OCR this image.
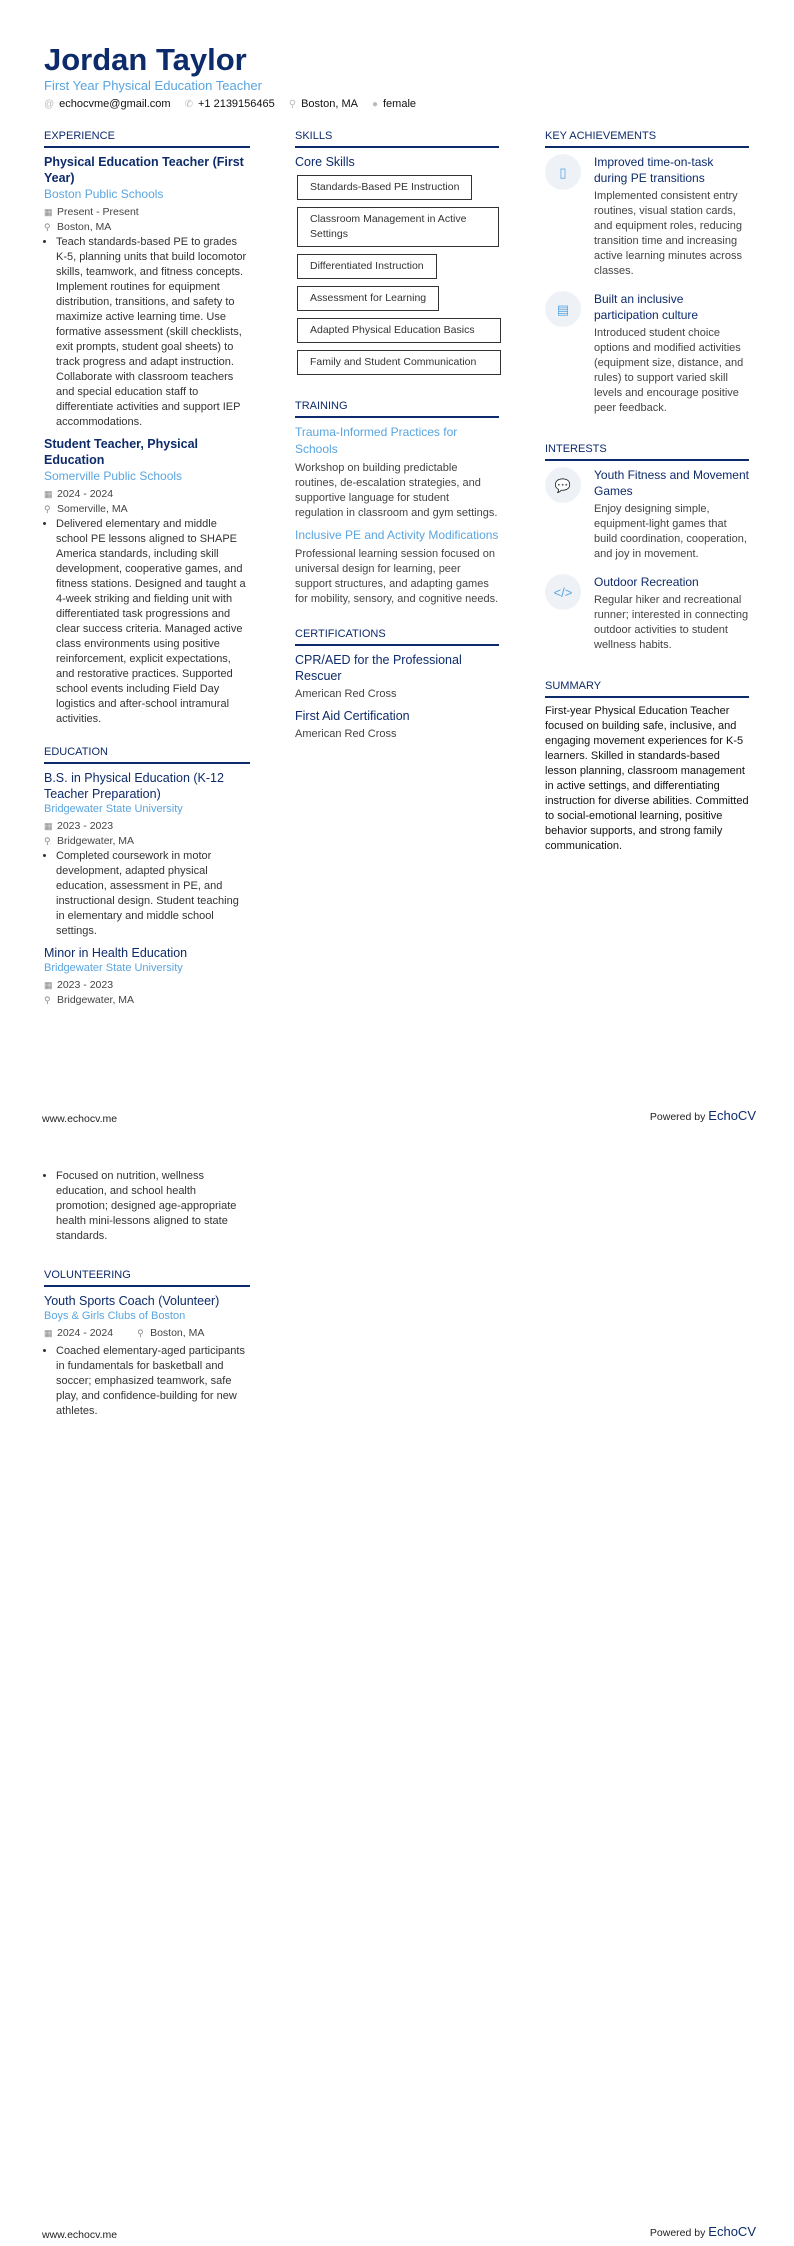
Jordan Taylor
First Year Physical Education Teacher
@ echocvme@gmail.com ✆ +1 2139156465 ⚲ Boston, MA ● female
EXPERIENCE
Physical Education Teacher (First Year)
Boston Public Schools
▦ Present - Present
⚲ Boston, MA
• Teach standards-based PE to grades K-5, planning units that build locomotor skills, teamwork, and fitness concepts. Implement routines for equipment distribution, transitions, and safety to maximize active learning time. Use formative assessment (skill checklists, exit prompts, student goal sheets) to track progress and adapt instruction. Collaborate with classroom teachers and special education staff to differentiate activities and support IEP accommodations.
Student Teacher, Physical Education
Somerville Public Schools
▦ 2024 - 2024
⚲ Somerville, MA
• Delivered elementary and middle school PE lessons aligned to SHAPE America standards, including skill development, cooperative games, and fitness stations. Designed and taught a 4-week striking and fielding unit with differentiated task progressions and clear success criteria. Managed active class environments using positive reinforcement, explicit expectations, and restorative practices. Supported school events including Field Day logistics and after-school intramural activities.
EDUCATION
B.S. in Physical Education (K-12 Teacher Preparation)
Bridgewater State University
▦ 2023 - 2023
⚲ Bridgewater, MA
• Completed coursework in motor development, adapted physical education, assessment in PE, and instructional design. Student teaching in elementary and middle school settings.
Minor in Health Education
Bridgewater State University
▦ 2023 - 2023
⚲ Bridgewater, MA
SKILLS
Core Skills
Standards-Based PE Instruction
Classroom Management in Active Settings
Differentiated Instruction
Assessment for Learning
Adapted Physical Education Basics
Family and Student Communication
TRAINING
Trauma-Informed Practices for Schools
Workshop on building predictable routines, de-escalation strategies, and supportive language for student regulation in classroom and gym settings.
Inclusive PE and Activity Modifications
Professional learning session focused on universal design for learning, peer support structures, and adapting games for mobility, sensory, and cognitive needs.
CERTIFICATIONS
CPR/AED for the Professional Rescuer
American Red Cross
First Aid Certification
American Red Cross
KEY ACHIEVEMENTS
▯
Improved time-on-task during PE transitions
Implemented consistent entry routines, visual station cards, and equipment roles, reducing transition time and increasing active learning minutes across classes.
▤
Built an inclusive participation culture
Introduced student choice options and modified activities (equipment size, distance, and rules) to support varied skill levels and encourage positive peer feedback.
INTERESTS
💬
Youth Fitness and Movement Games
Enjoy designing simple, equipment-light games that build coordination, cooperation, and joy in movement.
</>
Outdoor Recreation
Regular hiker and recreational runner; interested in connecting outdoor activities to student wellness habits.
SUMMARY
First-year Physical Education Teacher focused on building safe, inclusive, and engaging movement experiences for K-5 learners. Skilled in standards-based lesson planning, classroom management in active settings, and differentiating instruction for diverse abilities. Committed to social-emotional learning, positive behavior supports, and strong family communication.
www.echocv.me	Powered by EchoCV
• Focused on nutrition, wellness education, and school health promotion; designed age-appropriate health mini-lessons aligned to state standards.
VOLUNTEERING
Youth Sports Coach (Volunteer)
Boys & Girls Clubs of Boston
▦ 2024 - 2024	⚲ Boston, MA
• Coached elementary-aged participants in fundamentals for basketball and soccer; emphasized teamwork, safe play, and confidence-building for new athletes.
www.echocv.me	Powered by EchoCV
